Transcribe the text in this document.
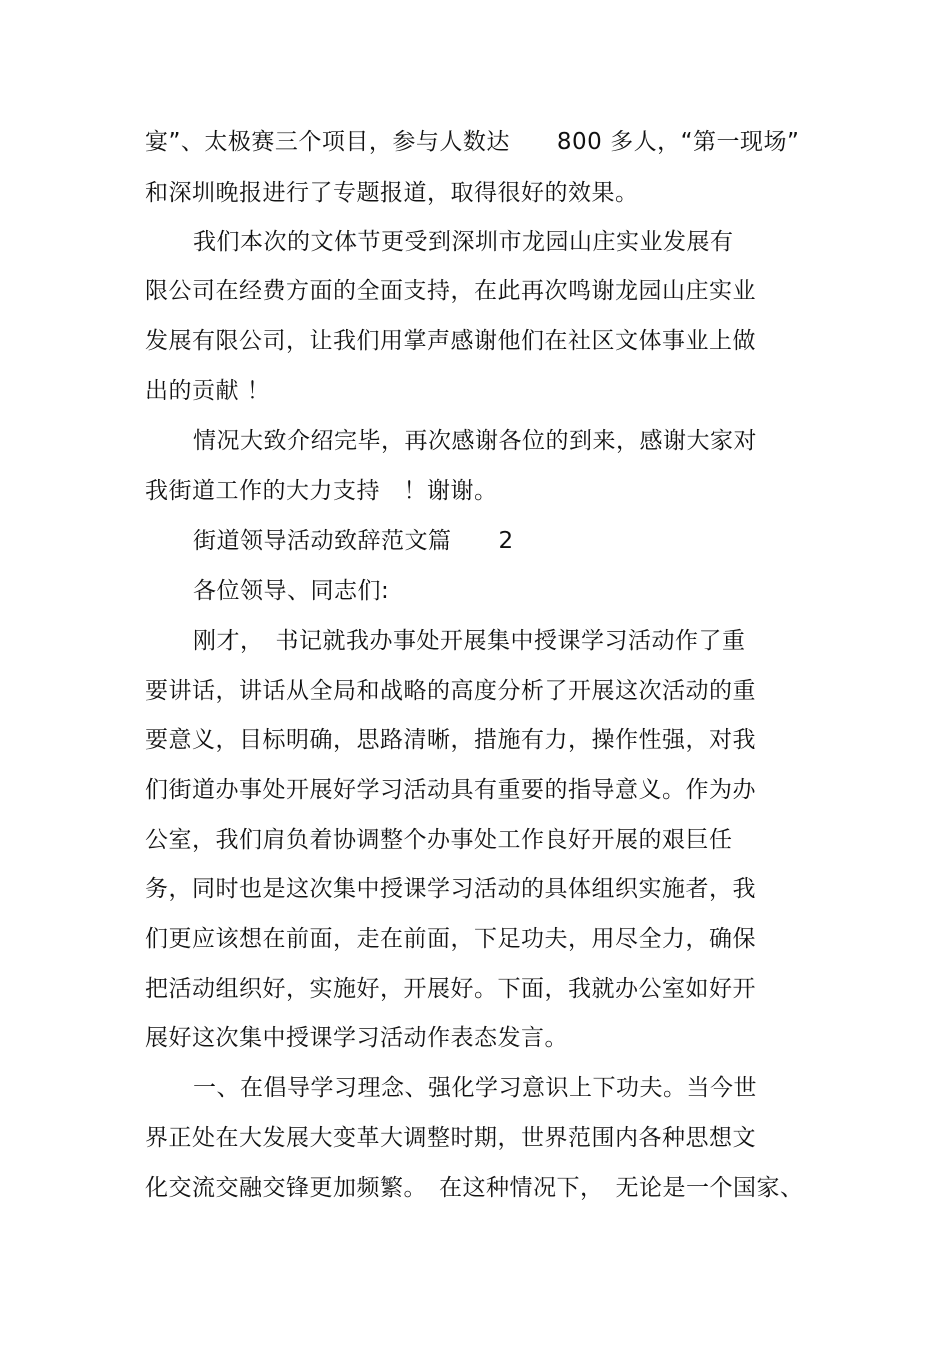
宴”、太极赛三个项目，参与人数达　　800 多人，“第一现场”
和深圳晚报进行了专题报道，取得很好的效果。
我们本次的文体节更受到深圳市龙园山庄实业发展有
限公司在经费方面的全面支持，在此再次鸣谢龙园山庄实业
发展有限公司，让我们用掌声感谢他们在社区文体事业上做
出的贡献 ！
情况大致介绍完毕，再次感谢各位的到来，感谢大家对
我街道工作的大力支持　！谢谢。
街道领导活动致辞范文篇　　2
各位领导、同志们:
刚才，　书记就我办事处开展集中授课学习活动作了重
要讲话，讲话从全局和战略的高度分析了开展这次活动的重
要意义，目标明确，思路清晰，措施有力，操作性强，对我
们街道办事处开展好学习活动具有重要的指导意义。作为办
公室，我们肩负着协调整个办事处工作良好开展的艰巨任
务，同时也是这次集中授课学习活动的具体组织实施者，我
们更应该想在前面，走在前面，下足功夫，用尽全力，确保
把活动组织好，实施好，开展好。下面，我就办公室如好开
展好这次集中授课学习活动作表态发言。
一、在倡导学习理念、强化学习意识上下功夫。当今世
界正处在大发展大变革大调整时期，世界范围内各种思想文
化交流交融交锋更加频繁。　在这种情况下，　无论是一个国家、
